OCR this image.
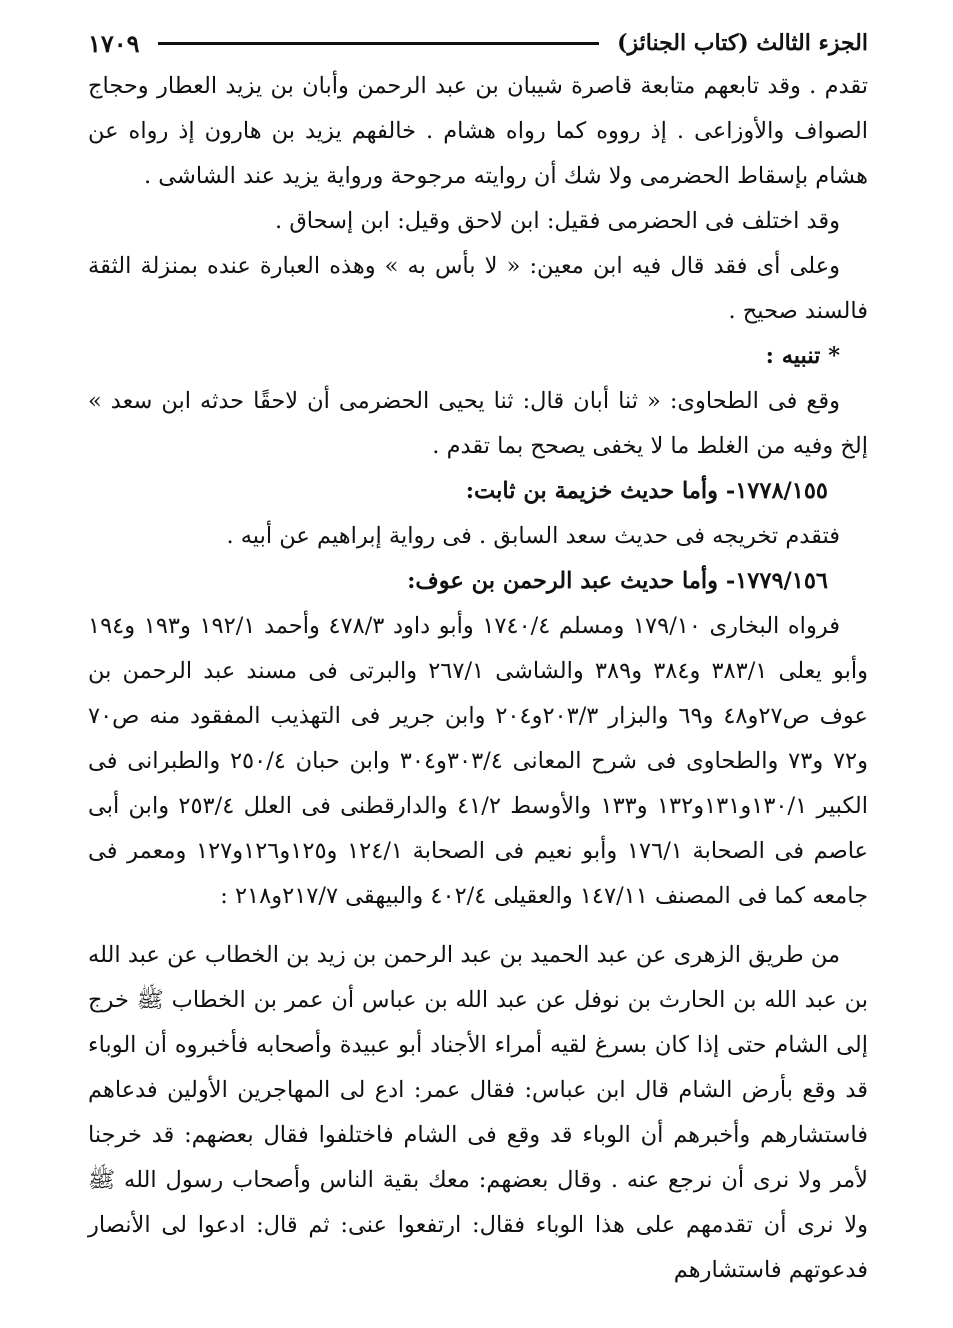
الجزء الثالث (كتاب الجنائز)
١٧٠٩

تقدم . وقد تابعهم متابعة قاصرة شيبان بن عبد الرحمن وأبان بن يزيد العطار وحجاج الصواف والأوزاعى . إذ رووه كما رواه هشام . خالفهم يزيد بن هارون إذ رواه عن هشام بإسقاط الحضرمى ولا شك أن روايته مرجوحة ورواية يزيد عند الشاشى .

وقد اختلف فى الحضرمى فقيل: ابن لاحق وقيل: ابن إسحاق .

وعلى أى فقد قال فيه ابن معين: « لا بأس به » وهذه العبارة عنده بمنزلة الثقة فالسند صحيح .

* تنبيه :

وقع فى الطحاوى: « ثنا أبان قال: ثنا يحيى الحضرمى أن لاحقًا حدثه ابن سعد » إلخ وفيه من الغلط ما لا يخفى يصحح بما تقدم .

١٧٧٨/١٥٥- وأما حديث خزيمة بن ثابت:

فتقدم تخريجه فى حديث سعد السابق . فى رواية إبراهيم عن أبيه .

١٧٧٩/١٥٦- وأما حديث عبد الرحمن بن عوف:

فرواه البخارى ١٧٩/١٠ ومسلم ١٧٤٠/٤ وأبو داود ٤٧٨/٣ وأحمد ١٩٢/١ و١٩٣ و١٩٤ وأبو يعلى ٣٨٣/١ و٣٨٤ و٣٨٩ والشاشى ٢٦٧/١ والبرتى فى مسند عبد الرحمن بن عوف ص٢٧و٤٨ و٦٩ والبزار ٢٠٣/٣و٢٠٤ وابن جرير فى التهذيب المفقود منه ص٧٠ و٧٢ و٧٣ والطحاوى فى شرح المعانى ٣٠٣/٤و٣٠٤ وابن حبان ٢٥٠/٤ والطبرانى فى الكبير ١٣٠/١و١٣١و١٣٢ و١٣٣ والأوسط ٤١/٢ والدارقطنى فى العلل ٢٥٣/٤ وابن أبى عاصم فى الصحابة ١٧٦/١ وأبو نعيم فى الصحابة ١٢٤/١ و١٢٥و١٢٦و١٢٧ ومعمر فى جامعه كما فى المصنف ١٤٧/١١ والعقيلى ٤٠٢/٤ والبيهقى ٢١٧/٧و٢١٨ :

من طريق الزهرى عن عبد الحميد بن عبد الرحمن بن زيد بن الخطاب عن عبد الله بن عبد الله بن الحارث بن نوفل عن عبد الله بن عباس أن عمر بن الخطاب ﷺ خرج إلى الشام حتى إذا كان بسرغ لقيه أمراء الأجناد أبو عبيدة وأصحابه فأخبروه أن الوباء قد وقع بأرض الشام قال ابن عباس: فقال عمر: ادع لى المهاجرين الأولين فدعاهم فاستشارهم وأخبرهم أن الوباء قد وقع فى الشام فاختلفوا فقال بعضهم: قد خرجنا لأمر ولا نرى أن نرجع عنه . وقال بعضهم: معك بقية الناس وأصحاب رسول الله ﷺ ولا نرى أن تقدمهم على هذا الوباء فقال: ارتفعوا عنى: ثم قال: ادعوا لى الأنصار فدعوتهم فاستشارهم
